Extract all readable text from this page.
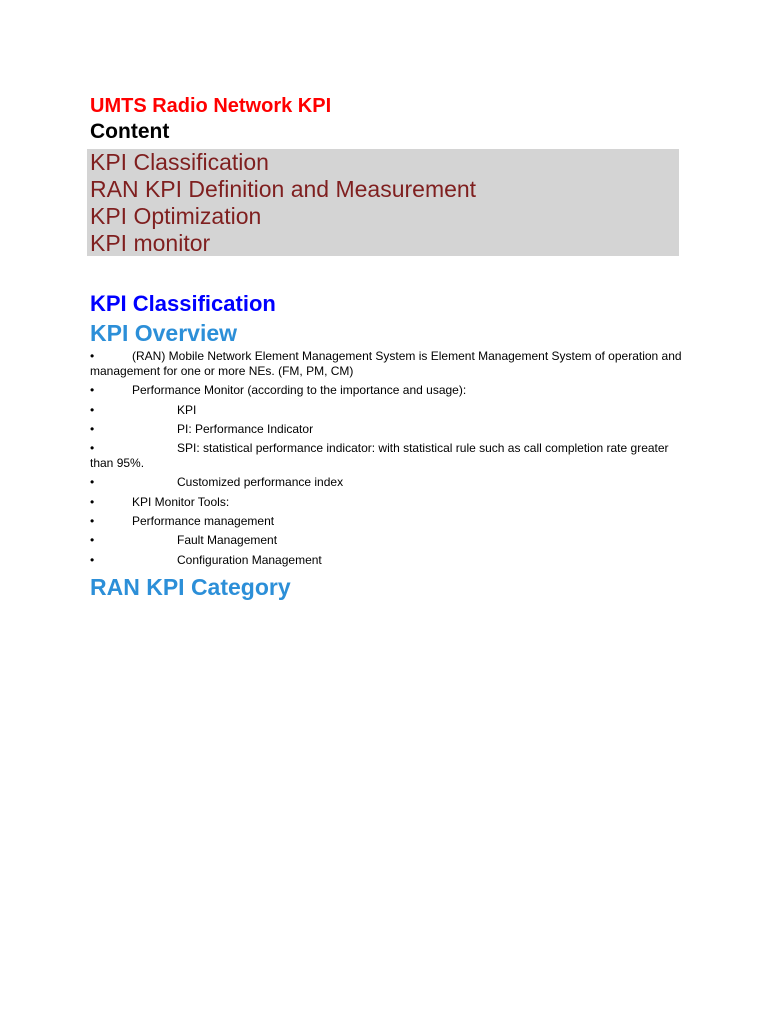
UMTS Radio Network KPI
Content

KPI Classification

RAN KPI Definition and Measurement

KPI Optimization

KPI monitor

KPI Classification
KPI Overview
•	(RAN) Mobile Network Element Management System is Element Management System of operation and management for one or more NEs. (FM, PM, CM)
•	Performance Monitor (according to the importance and usage):
•	KPI
•	PI: Performance Indicator
•	SPI: statistical performance indicator: with statistical rule such as call completion rate greater than 95%.
•	Customized performance index
•	KPI Monitor Tools:
•	Performance management
•	Fault Management
•	Configuration Management
RAN KPI Category
